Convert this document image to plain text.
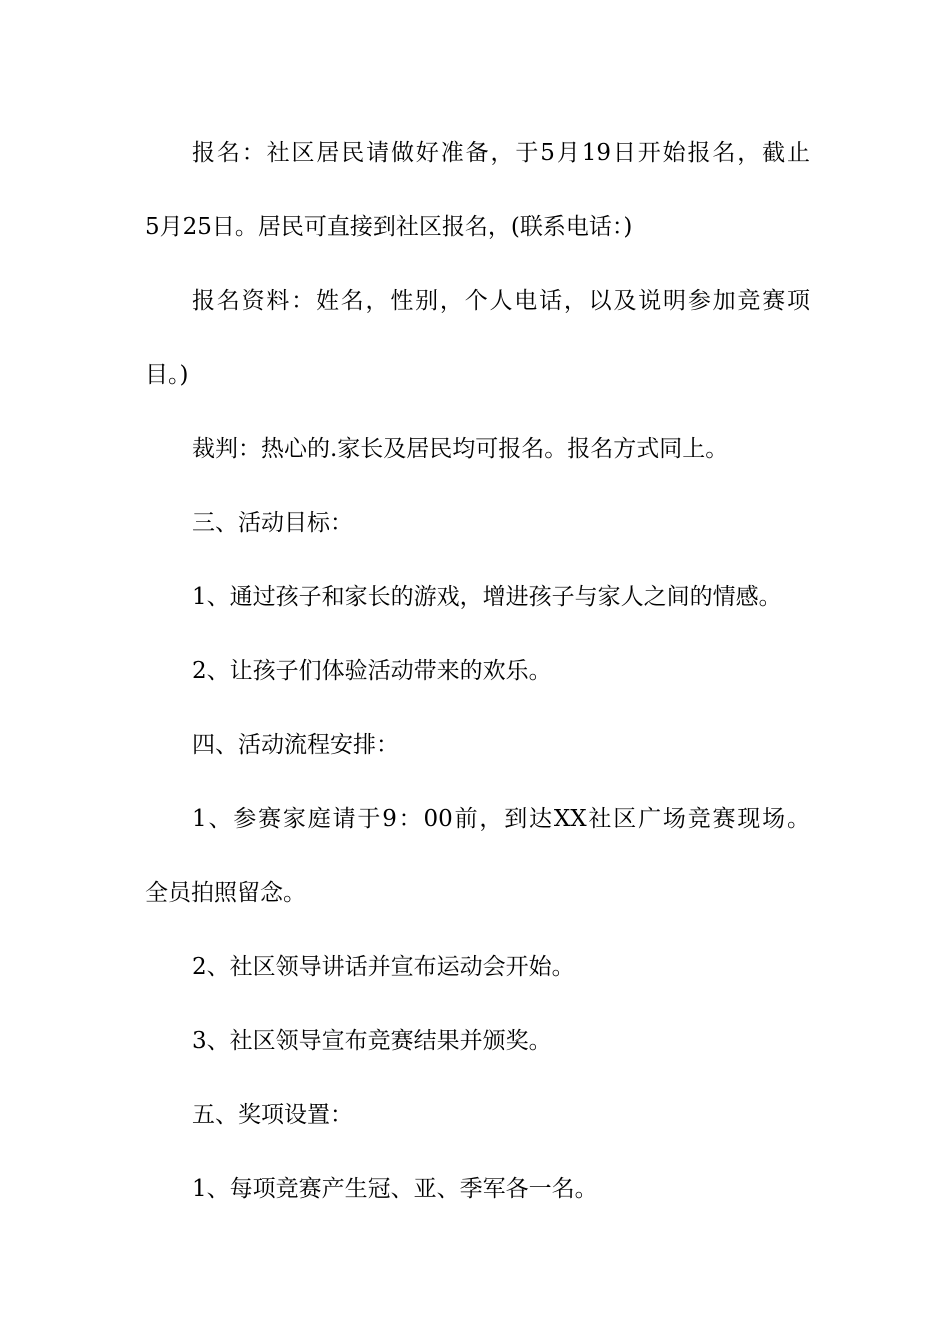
报名：社区居民请做好准备，于5月19日开始报名，截止
5月25日。居民可直接到社区报名，(联系电话：)
报名资料：姓名，性别，个人电话，以及说明参加竞赛项
目。)
裁判：热心的.家长及居民均可报名。报名方式同上。
三、活动目标：
1、通过孩子和家长的游戏，增进孩子与家人之间的情感。
2、让孩子们体验活动带来的欢乐。
四、活动流程安排：
1、参赛家庭请于9：00前，到达XX社区广场竞赛现场。
全员拍照留念。
2、社区领导讲话并宣布运动会开始。
3、社区领导宣布竞赛结果并颁奖。
五、奖项设置：
1、每项竞赛产生冠、亚、季军各一名。
